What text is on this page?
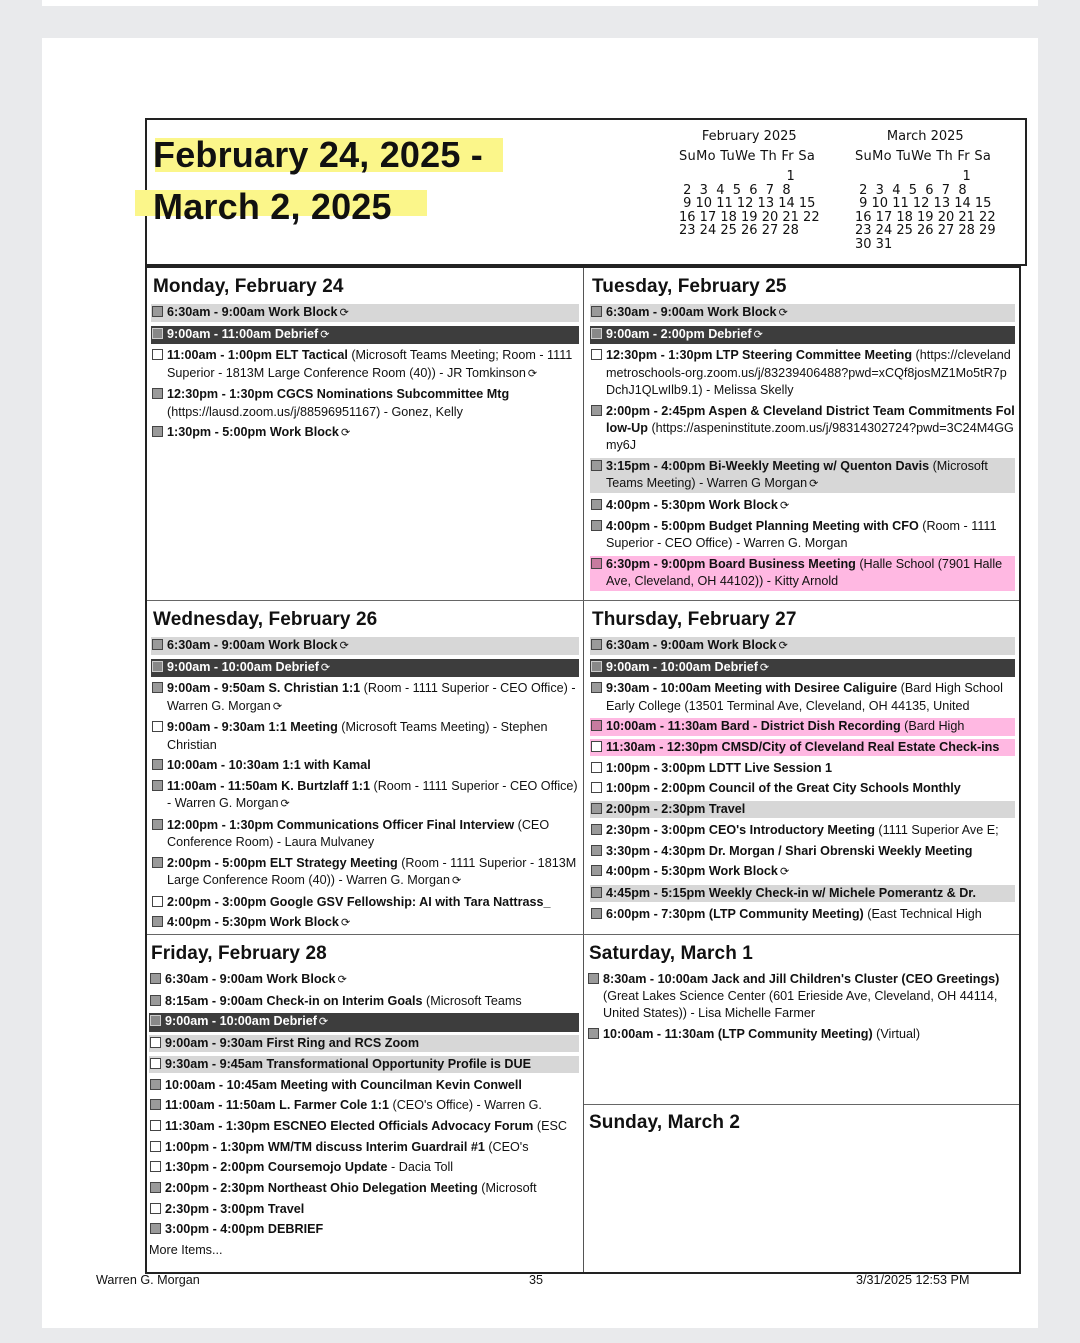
February 24, 2025 -
March 2, 2025
February 2025
SuMo TuWe Th Fr Sa
1
2  3  4  5  6  7  8
9 10 11 12 13 14 15
16 17 18 19 20 21 22
23 24 25 26 27 28
March 2025
SuMo TuWe Th Fr Sa
1
2  3  4  5  6  7  8
9 10 11 12 13 14 15
16 17 18 19 20 21 22
23 24 25 26 27 28 29
30 31
Monday, February 24
6:30am - 9:00am Work Block ⟳
9:00am - 11:00am Debrief ⟳
11:00am - 1:00pm ELT Tactical (Microsoft Teams Meeting; Room - 1111 Superior - 1813M Large Conference Room (40)) - JR Tomkinson ⟳
12:30pm - 1:30pm CGCS Nominations Subcommittee Mtg (https://lausd.zoom.us/j/88596951167) - Gonez, Kelly
1:30pm - 5:00pm Work Block ⟳
Tuesday, February 25
6:30am - 9:00am Work Block ⟳
9:00am - 2:00pm Debrief ⟳
12:30pm - 1:30pm LTP Steering Committee Meeting (https://clevelandmetroschools-org.zoom.us/j/83239406488?pwd=xCQf8josMZ1Mo5tR7pDchJ1QLwIlb9.1) - Melissa Skelly
2:00pm - 2:45pm Aspen & Cleveland District Team Commitments Follow-Up (https://aspeninstitute.zoom.us/j/98314302724?pwd=3C24M4GGmy6J
3:15pm - 4:00pm Bi-Weekly Meeting w/ Quenton Davis (Microsoft Teams Meeting) - Warren G Morgan ⟳
4:00pm - 5:30pm Work Block ⟳
4:00pm - 5:00pm Budget Planning Meeting with CFO (Room - 1111 Superior - CEO Office) - Warren G. Morgan
6:30pm - 9:00pm Board Business Meeting (Halle School (7901 Halle Ave, Cleveland, OH 44102)) - Kitty Arnold
Wednesday, February 26
6:30am - 9:00am Work Block ⟳
9:00am - 10:00am Debrief ⟳
9:00am - 9:50am S. Christian 1:1 (Room - 1111 Superior - CEO Office) - Warren G. Morgan ⟳
9:00am - 9:30am 1:1 Meeting (Microsoft Teams Meeting) - Stephen Christian
10:00am - 10:30am 1:1 with Kamal
11:00am - 11:50am K. Burtzlaff 1:1 (Room - 1111 Superior - CEO Office) - Warren G. Morgan ⟳
12:00pm - 1:30pm Communications Officer Final Interview (CEO Conference Room) - Laura Mulvaney
2:00pm - 5:00pm ELT Strategy Meeting (Room - 1111 Superior - 1813M Large Conference Room (40)) - Warren G. Morgan ⟳
2:00pm - 3:00pm Google GSV Fellowship: AI with Tara Nattrass_
4:00pm - 5:30pm Work Block ⟳
Thursday, February 27
6:30am - 9:00am Work Block ⟳
9:00am - 10:00am Debrief ⟳
9:30am - 10:00am Meeting with Desiree Caliguire (Bard High School Early College (13501 Terminal Ave, Cleveland, OH 44135, United
10:00am - 11:30am Bard - District Dish Recording (Bard High
11:30am - 12:30pm CMSD/City of Cleveland Real Estate Check-ins
1:00pm - 3:00pm LDTT Live Session 1
1:00pm - 2:00pm Council of the Great City Schools Monthly
2:00pm - 2:30pm Travel
2:30pm - 3:00pm CEO's Introductory Meeting (1111 Superior Ave E;
3:30pm - 4:30pm Dr. Morgan / Shari Obrenski Weekly Meeting
4:00pm - 5:30pm Work Block ⟳
4:45pm - 5:15pm Weekly Check-in w/ Michele Pomerantz & Dr.
6:00pm - 7:30pm (LTP Community Meeting) (East Technical High
Friday, February 28
6:30am - 9:00am Work Block ⟳
8:15am - 9:00am Check-in on Interim Goals (Microsoft Teams
9:00am - 10:00am Debrief ⟳
9:00am - 9:30am First Ring and RCS Zoom
9:30am - 9:45am Transformational Opportunity Profile is DUE
10:00am - 10:45am Meeting with Councilman Kevin Conwell
11:00am - 11:50am L. Farmer Cole 1:1 (CEO's Office) - Warren G.
11:30am - 1:30pm ESCNEO Elected Officials Advocacy Forum (ESC
1:00pm - 1:30pm WM/TM discuss Interim Guardrail #1 (CEO's
1:30pm - 2:00pm Coursemojo Update - Dacia Toll
2:00pm - 2:30pm Northeast Ohio Delegation Meeting (Microsoft
2:30pm - 3:00pm Travel
3:00pm - 4:00pm DEBRIEF
More Items...
Saturday, March 1
8:30am - 10:00am Jack and Jill Children's Cluster (CEO Greetings) (Great Lakes Science Center (601 Erieside Ave, Cleveland, OH 44114, United States)) - Lisa Michelle Farmer
10:00am - 11:30am (LTP Community Meeting) (Virtual)
Sunday, March 2
Warren G. Morgan	35	3/31/2025 12:53 PM
